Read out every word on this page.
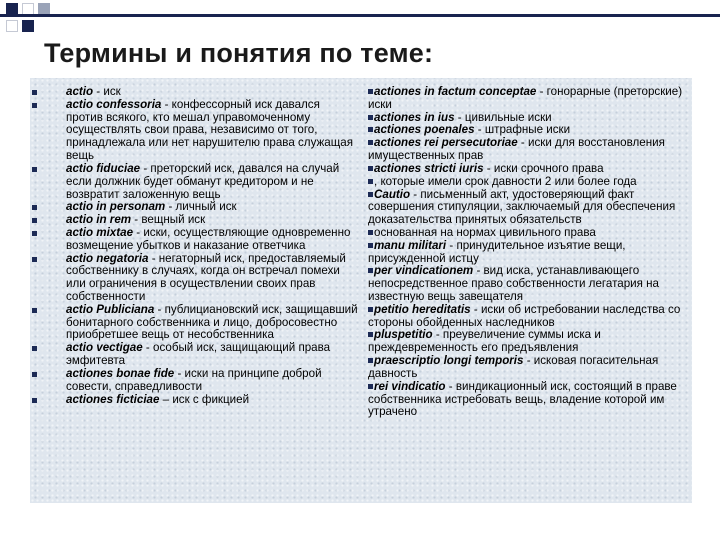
Термины и понятия по теме:
actio - иск
actio confessoria - конфессорный иск давался против всякого, кто мешал управомоченному осуществлять свои права, независимо от того, принадлежала или нет нарушителю права служащая вещь
actio fiduciae - преторский иск, давался на случай если должник будет обманут кредитором и не возвратит заложенную вещь
actio in personam - личный иск
actio in rem - вещный иск
actio mixtae - иски, осуществляющие одновременно возмещение убытков и наказание ответчика
actio negatoria - негаторный иск, предоставляемый собственнику в случаях, когда он встречал помехи или ограничения в осуществлении своих прав собственности
actio Publiciana - публициановский иск, защищавший бонитарного собственника и лицо, добросовестно приобретшее вещь от несобственника
actio vectigae - особый иск, защищающий права эмфитевта
actiones bonae fide - иски на принципе доброй совести, справедливости
actiones ficticiae – иск с фикцией
actiones in factum conceptae - гонорарные (преторские) иски
actiones in ius - цивильные иски
actiones poenales - штрафные иски
actiones rei persecutoriae - иски для восстановления имущественных прав
actiones stricti iuris - иски срочного права
, которые имели срок давности 2 или более года
Cautio - письменный акт, удостоверяющий факт совершения стипуляции, заключаемый для обеспечения доказательства принятых обязательств
основанная на нормах цивильного права
manu militari - принудительное изъятие вещи, присужденной истцу
per vindicationem - вид иска, устанавливающего непосредственное право собственности легатария на известную вещь завещателя
petitio hereditatis - иски об истребовании наследства со стороны обойденных наследников
pluspetitio - преувеличение суммы иска и преждевременность его предъявления
praescriptio longi temporis - исковая погасительная давность
rei vindicatio - виндикационный иск, состоящий в праве собственника истребовать вещь, владение которой им утрачено
